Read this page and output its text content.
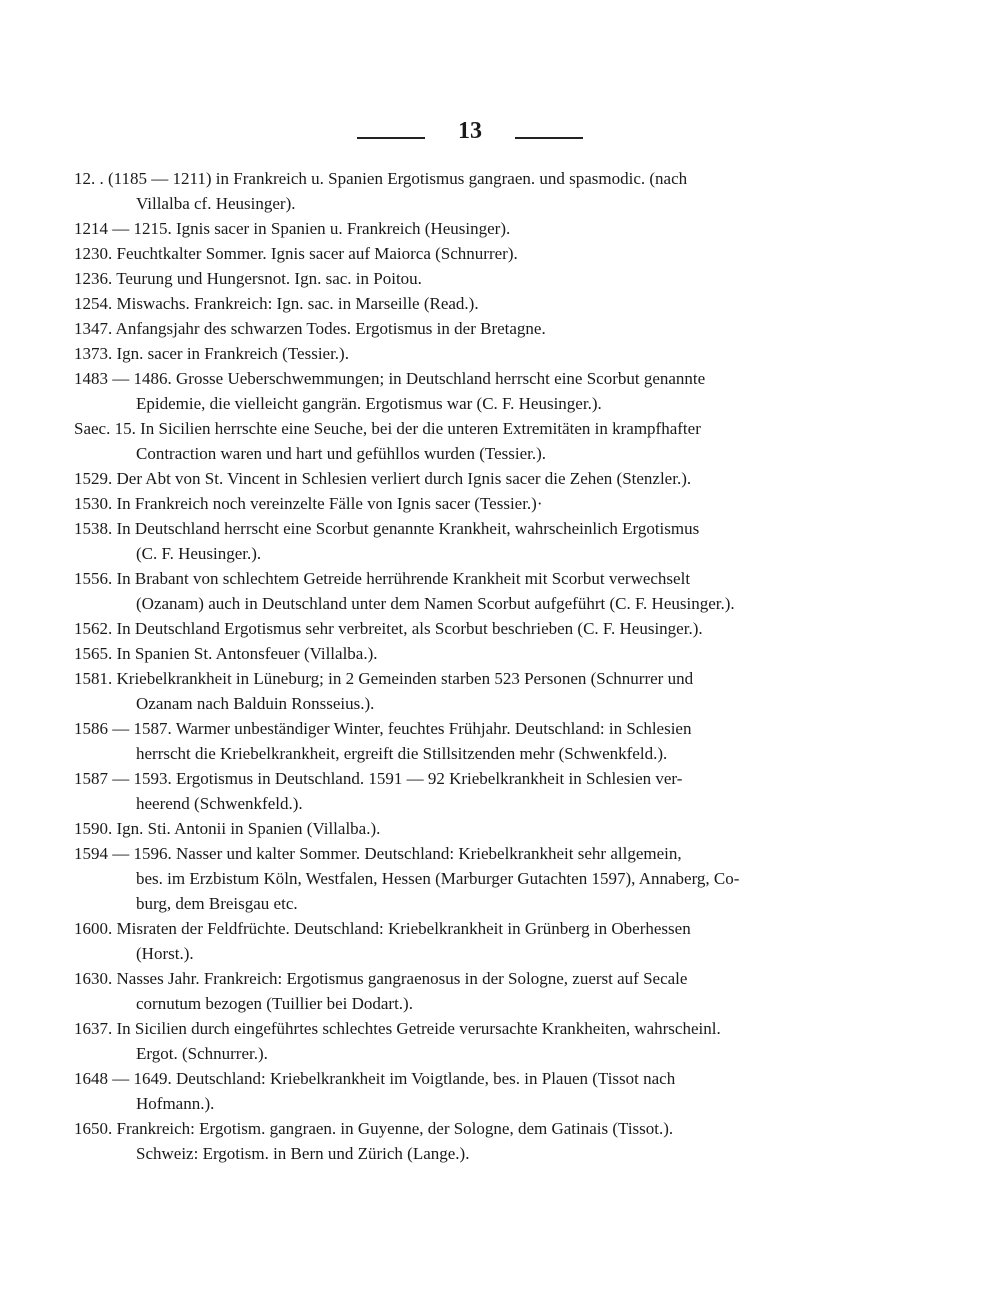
13
12. . (1185 — 1211) in Frankreich u. Spanien Ergotismus gangraen. und spasmodic. (nach
Villalba cf. Heusinger).
1214 — 1215. Ignis sacer in Spanien u. Frankreich (Heusinger).
1230. Feuchtkalter Sommer. Ignis sacer auf Maiorca (Schnurrer).
1236. Teurung und Hungersnot. Ign. sac. in Poitou.
1254. Miswachs. Frankreich: Ign. sac. in Marseille (Read.).
1347. Anfangsjahr des schwarzen Todes. Ergotismus in der Bretagne.
1373. Ign. sacer in Frankreich (Tessier.).
1483 — 1486. Grosse Ueberschwemmungen; in Deutschland herrscht eine Scorbut genannte
Epidemie, die vielleicht gangrän. Ergotismus war (C. F. Heusinger.).
Saec. 15. In Sicilien herrschte eine Seuche, bei der die unteren Extremitäten in krampfhafter
Contraction waren und hart und gefühllos wurden (Tessier.).
1529. Der Abt von St. Vincent in Schlesien verliert durch Ignis sacer die Zehen (Stenzler.).
1530. In Frankreich noch vereinzelte Fälle von Ignis sacer (Tessier.)·
1538. In Deutschland herrscht eine Scorbut genannte Krankheit, wahrscheinlich Ergotismus
(C. F. Heusinger.).
1556. In Brabant von schlechtem Getreide herrührende Krankheit mit Scorbut verwechselt
(Ozanam) auch in Deutschland unter dem Namen Scorbut aufgeführt (C. F. Heusinger.).
1562. In Deutschland Ergotismus sehr verbreitet, als Scorbut beschrieben (C. F. Heusinger.).
1565. In Spanien St. Antonsfeuer (Villalba.).
1581. Kriebelkrankheit in Lüneburg; in 2 Gemeinden starben 523 Personen (Schnurrer und
Ozanam nach Balduin Ronsseius.).
1586 — 1587. Warmer unbeständiger Winter, feuchtes Frühjahr. Deutschland: in Schlesien
herrscht die Kriebelkrankheit, ergreift die Stillsitzenden mehr (Schwenkfeld.).
1587 — 1593. Ergotismus in Deutschland. 1591 — 92 Kriebelkrankheit in Schlesien ver-
heerend (Schwenkfeld.).
1590. Ign. Sti. Antonii in Spanien (Villalba.).
1594 — 1596. Nasser und kalter Sommer. Deutschland: Kriebelkrankheit sehr allgemein,
bes. im Erzbistum Köln, Westfalen, Hessen (Marburger Gutachten 1597), Annaberg, Co-
burg, dem Breisgau etc.
1600. Misraten der Feldfrüchte. Deutschland: Kriebelkrankheit in Grünberg in Oberhessen
(Horst.).
1630. Nasses Jahr. Frankreich: Ergotismus gangraenosus in der Sologne, zuerst auf Secale
cornutum bezogen (Tuillier bei Dodart.).
1637. In Sicilien durch eingeführtes schlechtes Getreide verursachte Krankheiten, wahrscheinl.
Ergot. (Schnurrer.).
1648 — 1649. Deutschland: Kriebelkrankheit im Voigtlande, bes. in Plauen (Tissot nach
Hofmann.).
1650. Frankreich: Ergotism. gangraen. in Guyenne, der Sologne, dem Gatinais (Tissot.).
Schweiz: Ergotism. in Bern und Zürich (Lange.).
